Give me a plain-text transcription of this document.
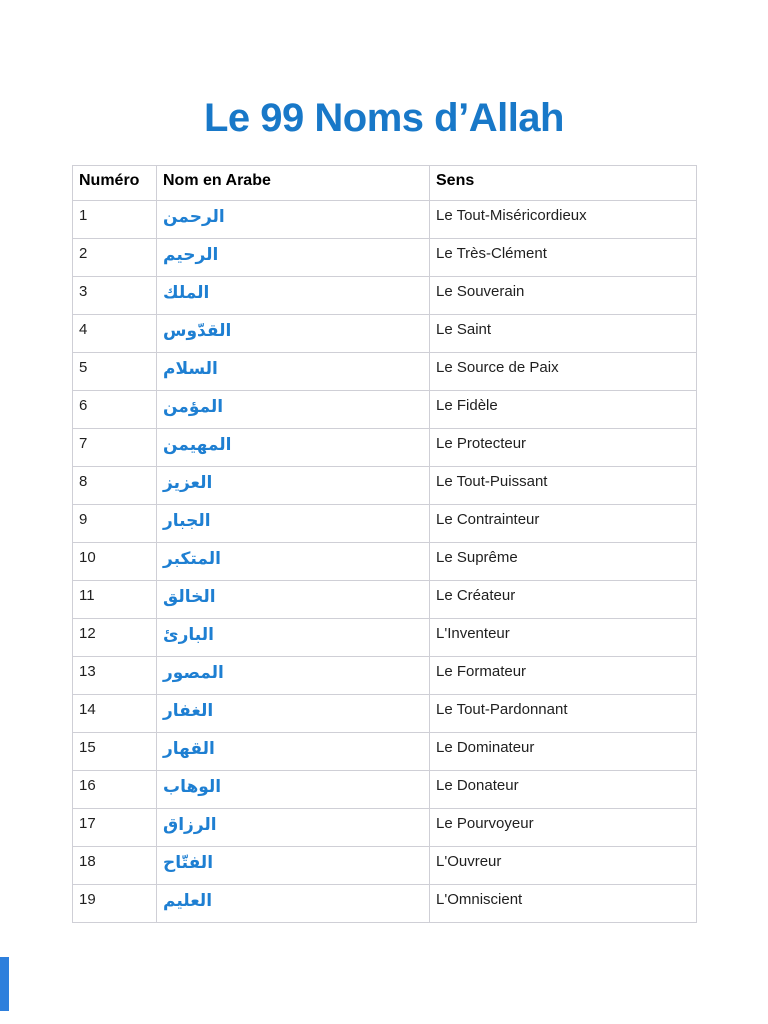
Le 99 Noms d’Allah
Numéro	Nom en Arabe	Sens
1	الرحمن	Le Tout-Miséricordieux
2	الرحيم	Le Très-Clément
3	الملك	Le Souverain
4	القدّوس	Le Saint
5	السلام	Le Source de Paix
6	المؤمن	Le Fidèle
7	المهيمن	Le Protecteur
8	العزيز	Le Tout-Puissant
9	الجبار	Le Contrainteur
10	المتكبر	Le Suprême
11	الخالق	Le Créateur
12	البارئ	L'Inventeur
13	المصور	Le Formateur
14	الغفار	Le Tout-Pardonnant
15	القهار	Le Dominateur
16	الوهاب	Le Donateur
17	الرزاق	Le Pourvoyeur
18	الفتّاح	L'Ouvreur
19	العليم	L'Omniscient
